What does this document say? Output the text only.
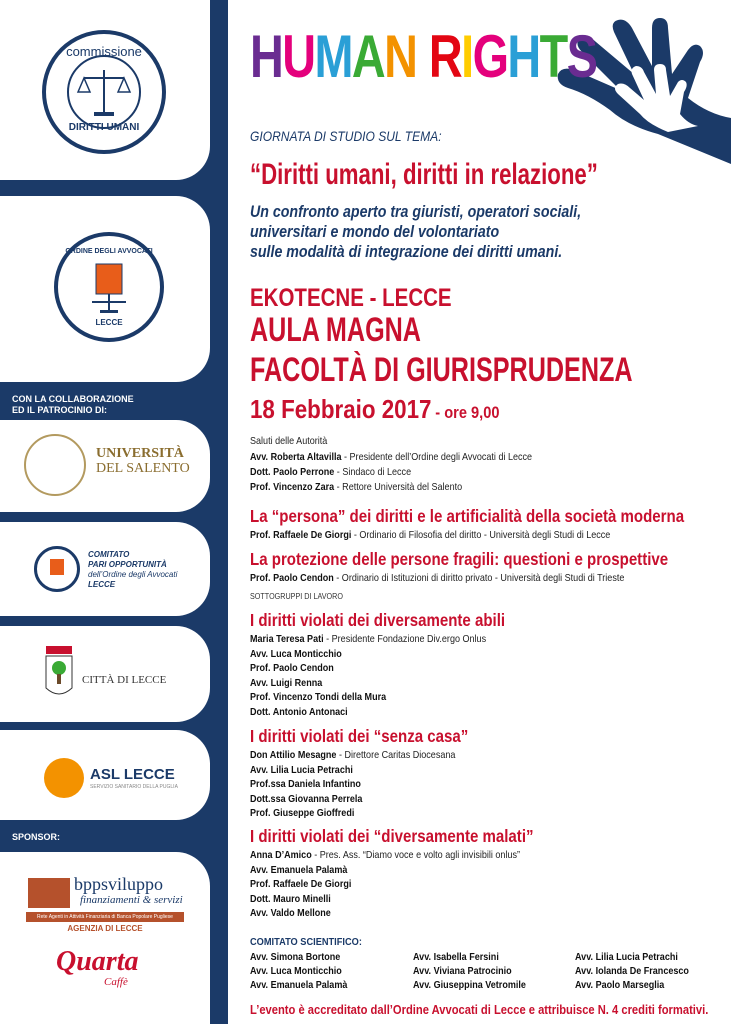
commissione
DIRITTI UMANI
ORDINE DEGLI AVVOCATI
LECCE
CON LA COLLABORAZIONE
ED IL PATROCINIO DI:
UNIVERSITÀ
DEL SALENTO
COMITATO
PARI OPPORTUNITÀ
dell’Ordine degli Avvocati
LECCE
CITTÀ DI LECCE
ASL LECCE
SERVIZIO SANITARIO DELLA PUGLIA
SPONSOR:
bppsviluppo
finanziamenti & servizi
Rete Agenti in Attività Finanziaria di Banca Popolare Pugliese
AGENZIA DI LECCE
Quarta
Caffè
HUMAN RIGHTS
GIORNATA DI STUDIO SUL TEMA:
“Diritti umani, diritti in relazione”
Un confronto aperto tra giuristi, operatori sociali,
universitari e mondo del volontariato
sulle modalità di integrazione dei diritti umani.
EKOTECNE - LECCE
AULA MAGNA
FACOLTÀ DI GIURISPRUDENZA
18 Febbraio 2017 - ore 9,00
Saluti delle Autorità
Avv. Roberta Altavilla - Presidente dell’Ordine degli Avvocati di Lecce
Dott. Paolo Perrone - Sindaco di Lecce
Prof. Vincenzo Zara - Rettore Università del Salento
La “persona” dei diritti e le artificialità della società moderna
Prof. Raffaele De Giorgi - Ordinario di Filosofia del diritto - Università degli Studi di Lecce
La protezione delle persone fragili: questioni e prospettive
Prof. Paolo Cendon - Ordinario di Istituzioni di diritto privato - Università degli Studi di Trieste
SOTTOGRUPPI DI LAVORO
I diritti violati dei diversamente abili
Maria Teresa Pati - Presidente Fondazione Div.ergo Onlus
Avv. Luca Monticchio
Prof. Paolo Cendon
Avv. Luigi Renna
Prof. Vincenzo Tondi della Mura
Dott. Antonio Antonaci
I diritti violati dei “senza casa”
Don Attilio Mesagne - Direttore Caritas Diocesana
Avv. Lilia Lucia Petrachi
Prof.ssa Daniela Infantino
Dott.ssa Giovanna Perrela
Prof. Giuseppe Gioffredi
I diritti violati dei “diversamente malati”
Anna D’Amico - Pres. Ass. “Diamo voce e volto agli invisibili onlus”
Avv. Emanuela Palamà
Prof. Raffaele De Giorgi
Dott. Mauro Minelli
Avv. Valdo Mellone
COMITATO SCIENTIFICO:
Avv. Simona Bortone
Avv. Luca Monticchio
Avv. Emanuela Palamà
Avv. Isabella Fersini
Avv. Viviana Patrocinio
Avv. Giuseppina Vetromile
Avv. Lilia Lucia Petrachi
Avv. Iolanda De Francesco
Avv. Paolo Marseglia
L’evento è accreditato dall’Ordine Avvocati di Lecce e attribuisce N. 4 crediti formativi.
